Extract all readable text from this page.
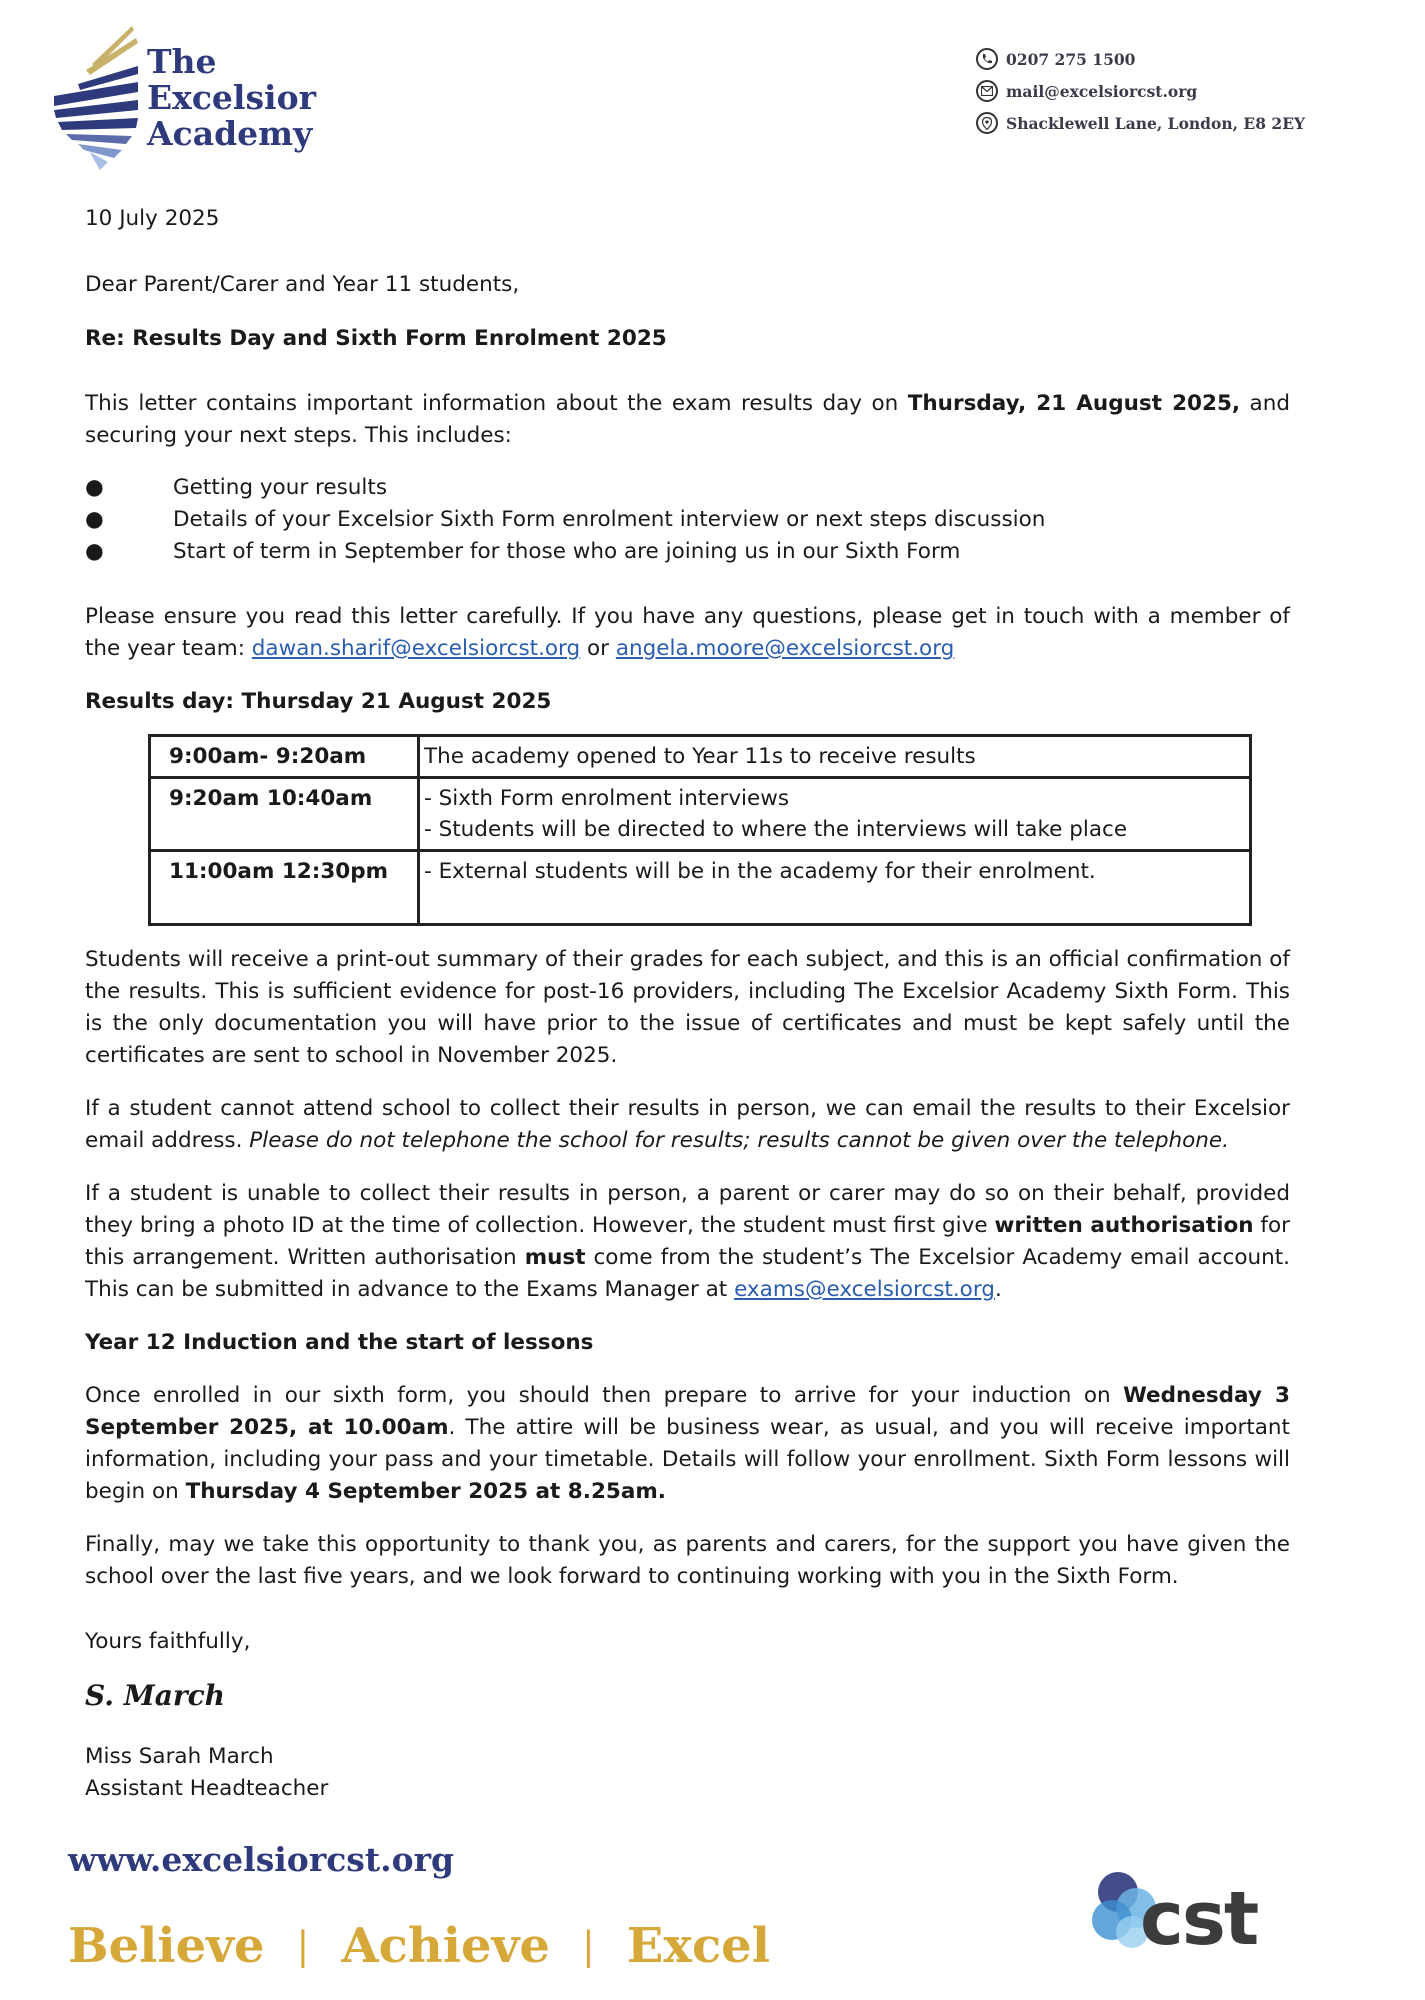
The
Excelsior
Academy
0207 275 1500
mail@excelsiorcst.org
Shacklewell Lane, London, E8 2EY
10 July 2025
Dear Parent/Carer and Year 11 students,
Re: Results Day and Sixth Form Enrolment 2025
This letter contains important information about the exam results day on Thursday, 21 August 2025, and securing your next steps. This includes:
●	Getting your results
●	Details of your Excelsior Sixth Form enrolment interview or next steps discussion
●	Start of term in September for those who are joining us in our Sixth Form
Please ensure you read this letter carefully. If you have any questions, please get in touch with a member of the year team: dawan.sharif@excelsiorcst.org or angela.moore@excelsiorcst.org
Results day: Thursday 21 August 2025
9:00am- 9:20am	The academy opened to Year 11s to receive results

9:20am 10:40am	- Sixth Form enrolment interviews
- Students will be directed to where the interviews will take place

11:00am 12:30pm	- External students will be in the academy for their enrolment.
Students will receive a print-out summary of their grades for each subject, and this is an official confirmation of the results. This is sufficient evidence for post-16 providers, including The Excelsior Academy Sixth Form. This is the only documentation you will have prior to the issue of certificates and must be kept safely until the certificates are sent to school in November 2025.
If a student cannot attend school to collect their results in person, we can email the results to their Excelsior email address. Please do not telephone the school for results; results cannot be given over the telephone.
If a student is unable to collect their results in person, a parent or carer may do so on their behalf, provided they bring a photo ID at the time of collection. However, the student must first give written authorisation for this arrangement. Written authorisation must come from the student’s The Excelsior Academy email account. This can be submitted in advance to the Exams Manager at exams@excelsiorcst.org.
Year 12 Induction and the start of lessons
Once enrolled in our sixth form, you should then prepare to arrive for your induction on Wednesday 3 September 2025, at 10.00am. The attire will be business wear, as usual, and you will receive important information, including your pass and your timetable. Details will follow your enrollment. Sixth Form lessons will begin on Thursday 4 September 2025 at 8.25am.
Finally, may we take this opportunity to thank you, as parents and carers, for the support you have given the school over the last five years, and we look forward to continuing working with you in the Sixth Form.
Yours faithfully,
S. March
Miss Sarah March
Assistant Headteacher
www.excelsiorcst.org
Believe | Achieve | Excel	cst
